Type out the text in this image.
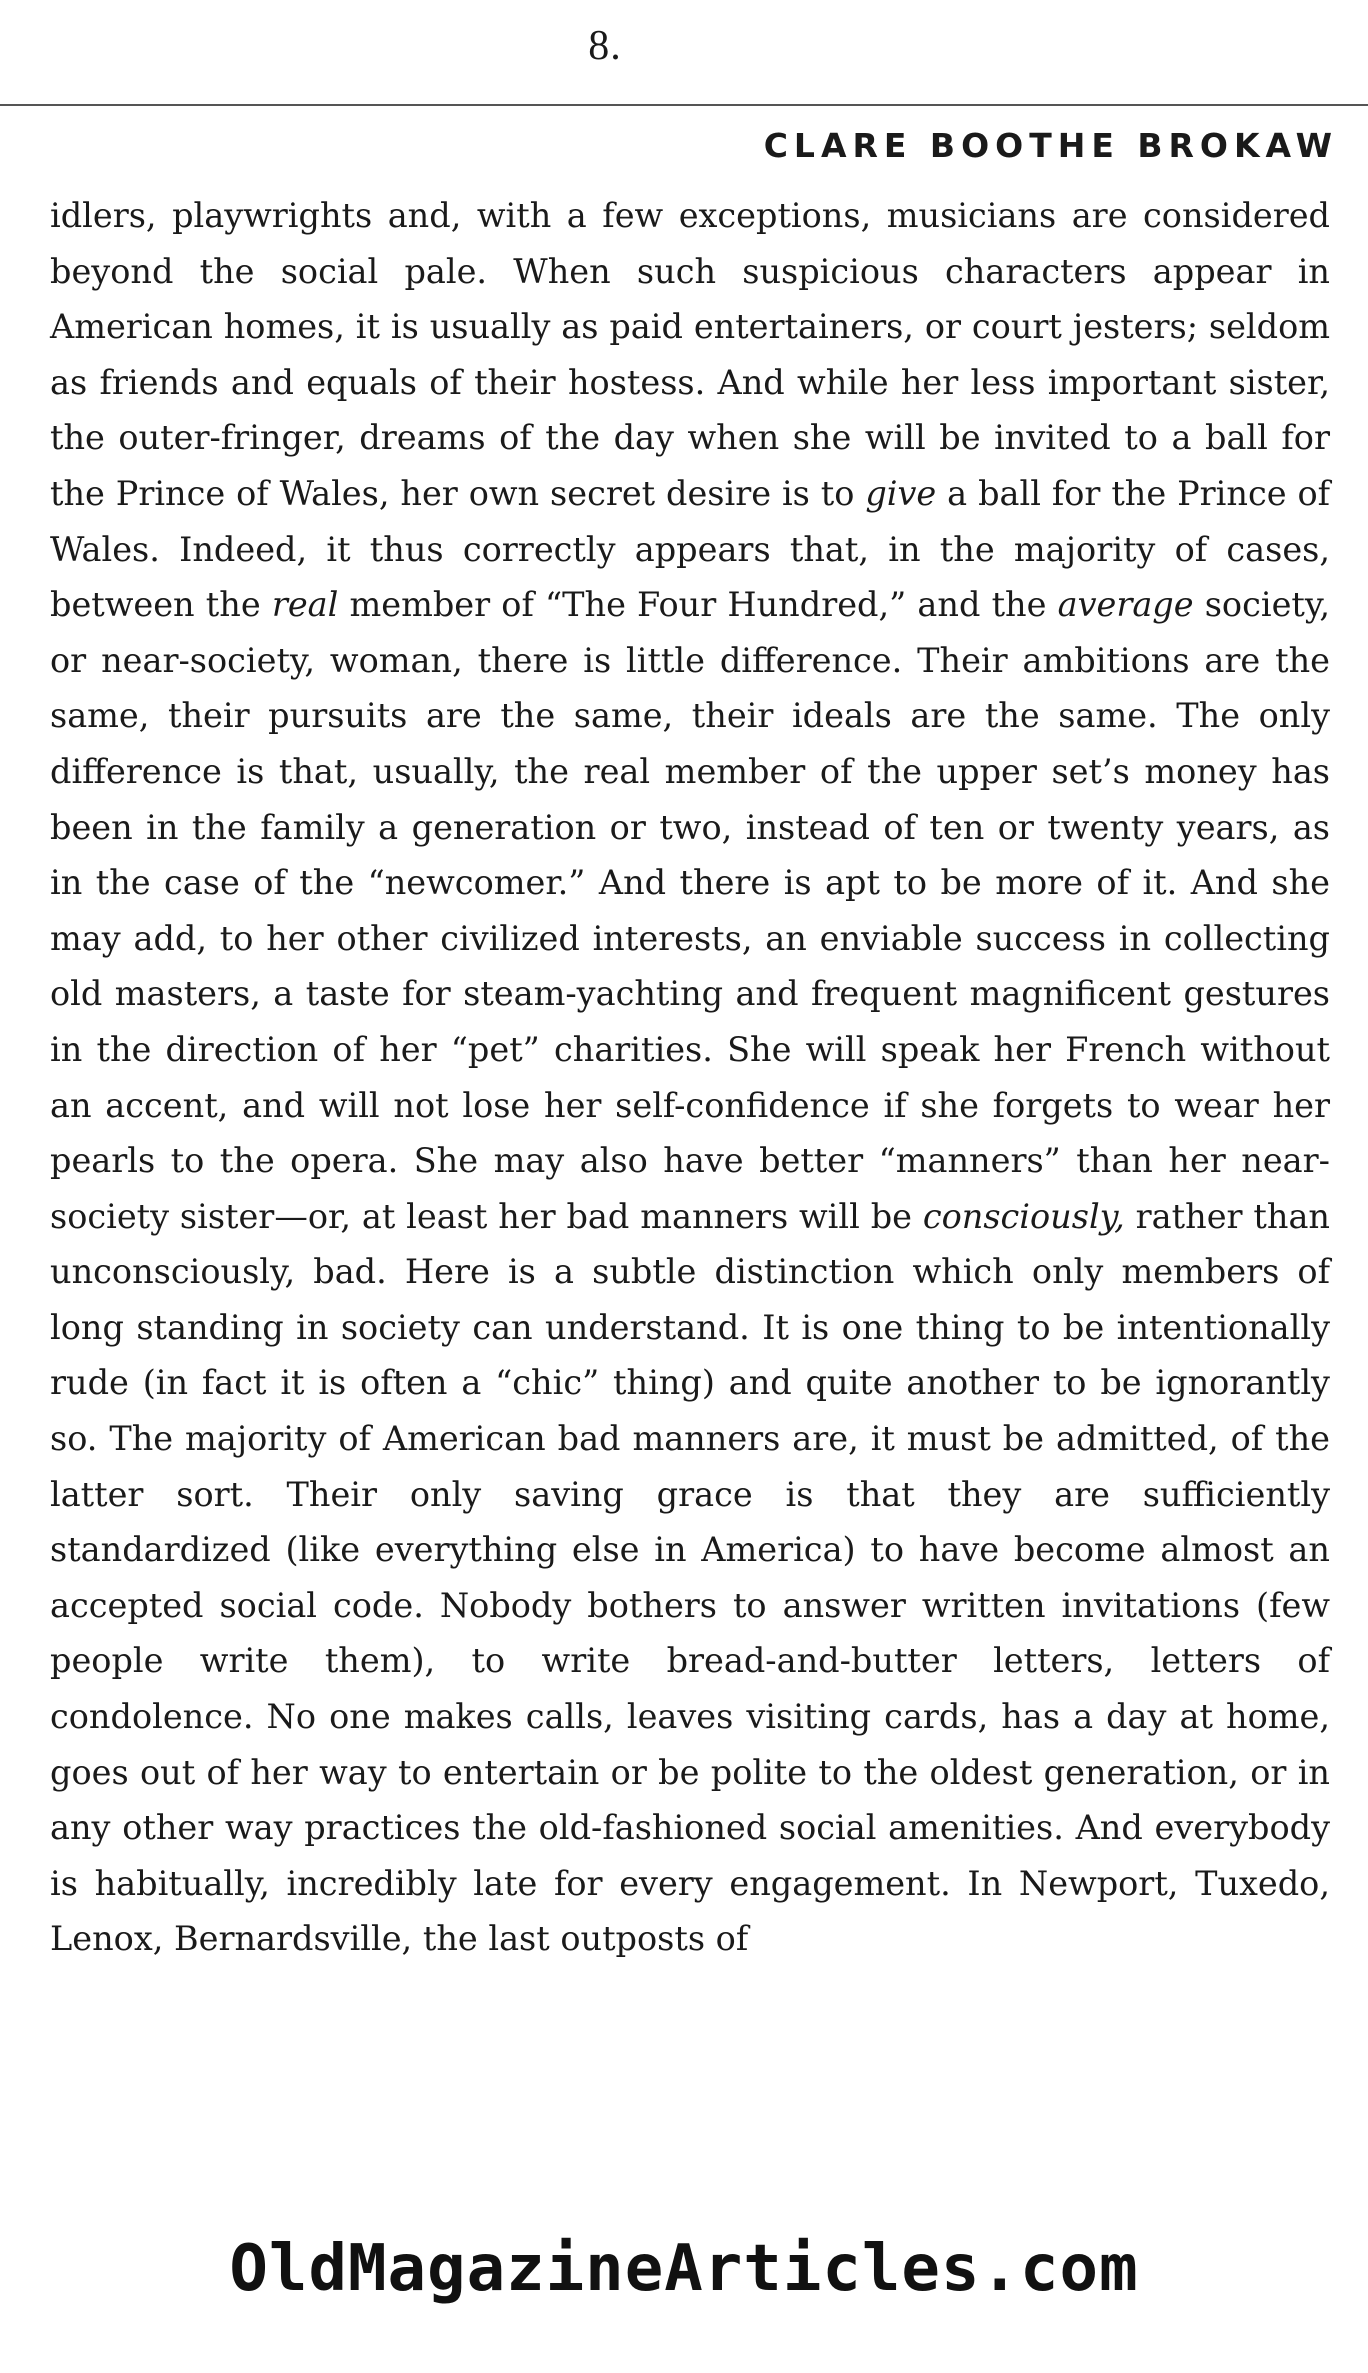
8.
CLARE BOOTHE BROKAW

idlers, playwrights and, with a few exceptions, musicians are considered beyond the social pale. When such suspicious characters appear in American homes, it is usually as paid entertainers, or court jesters; seldom as friends and equals of their hostess. And while her less important sister, the outer-fringer, dreams of the day when she will be invited to a ball for the Prince of Wales, her own secret desire is to give a ball for the Prince of Wales. Indeed, it thus correctly appears that, in the majority of cases, between the real member of “The Four Hundred,” and the average society, or near-society, woman, there is little difference. Their ambitions are the same, their pursuits are the same, their ideals are the same. The only difference is that, usually, the real member of the upper set’s money has been in the family a generation or two, instead of ten or twenty years, as in the case of the “newcomer.” And there is apt to be more of it. And she may add, to her other civilized interests, an enviable success in collecting old masters, a taste for steam-yachting and frequent magnificent gestures in the direction of her “pet” charities. She will speak her French without an accent, and will not lose her self-confidence if she forgets to wear her pearls to the opera. She may also have better “manners” than her near-society sister—or, at least her bad manners will be consciously, rather than unconsciously, bad. Here is a subtle distinction which only members of long standing in society can understand. It is one thing to be intentionally rude (in fact it is often a “chic” thing) and quite another to be ignorantly so. The majority of American bad manners are, it must be admitted, of the latter sort. Their only saving grace is that they are sufficiently standardized (like everything else in America) to have become almost an accepted social code. Nobody bothers to answer written invitations (few people write them), to write bread-and-butter letters, letters of condolence. No one makes calls, leaves visiting cards, has a day at home, goes out of her way to entertain or be polite to the oldest generation, or in any other way practices the old-fashioned social amenities. And everybody is habitually, incredibly late for every engagement. In Newport, Tuxedo, Lenox, Bernardsville, the last outposts of

OldMagazineArticles.com
